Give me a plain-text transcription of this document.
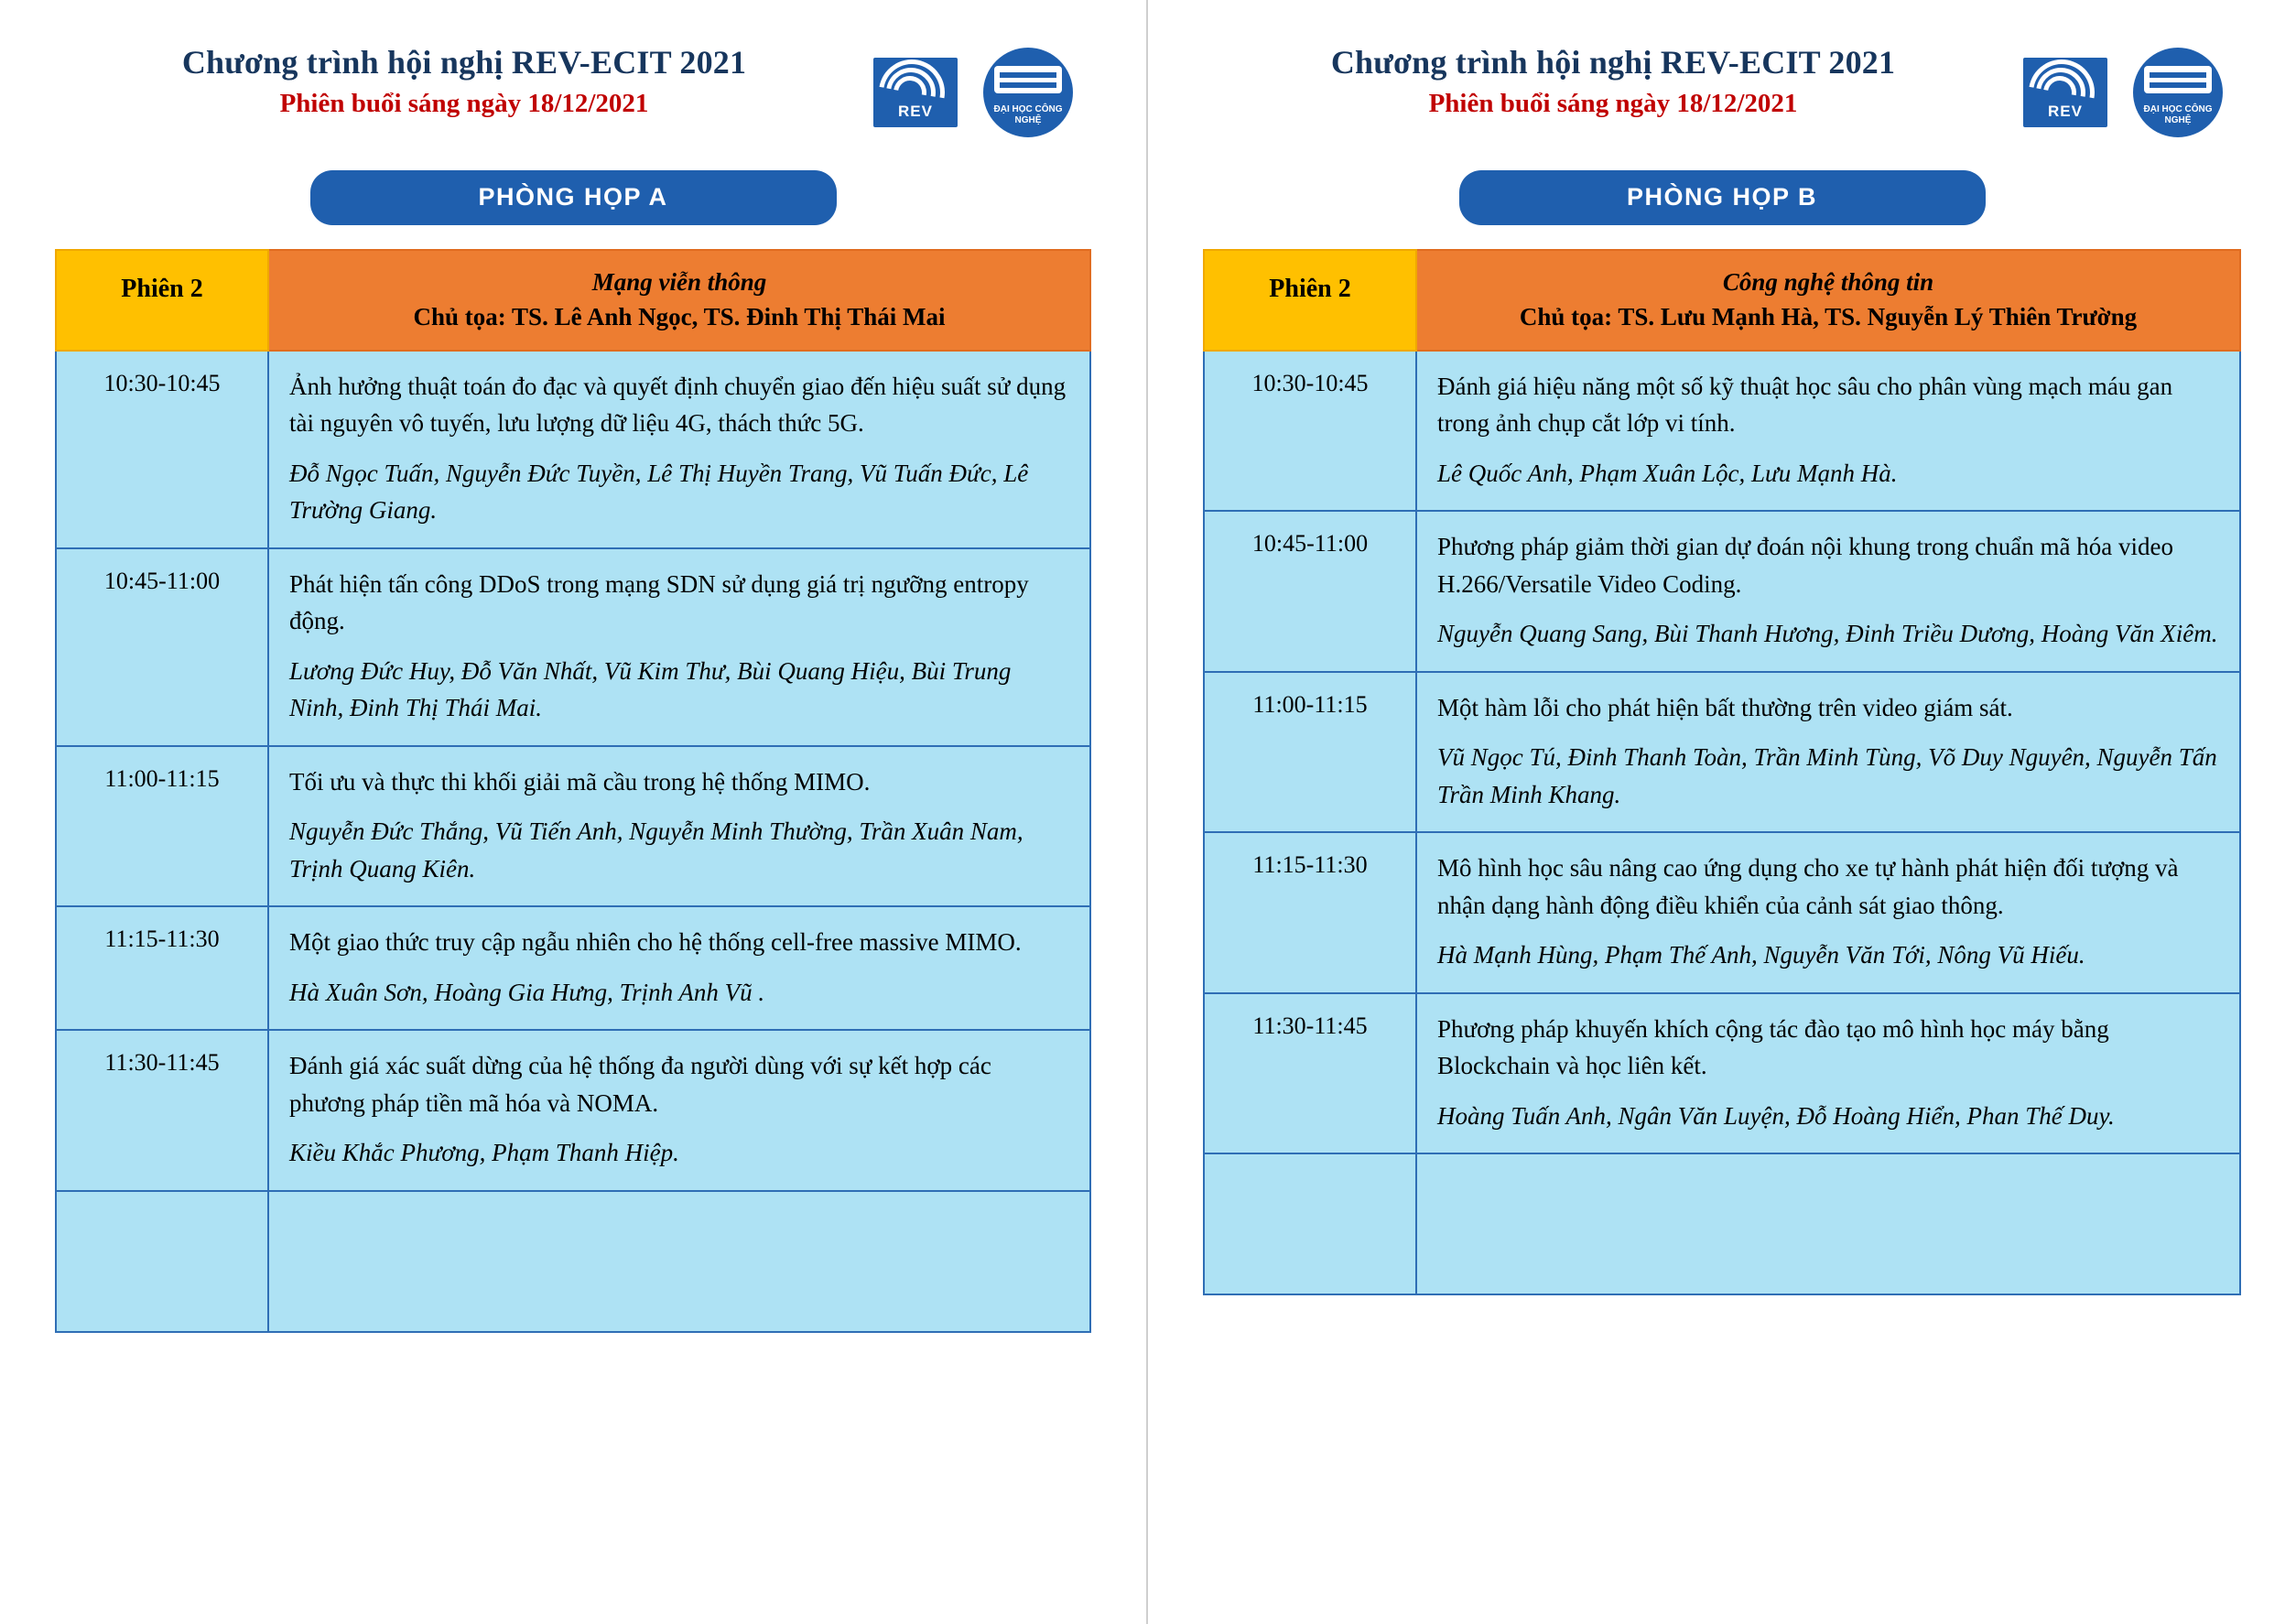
Chương trình hội nghị REV-ECIT 2021
Phiên buổi sáng ngày 18/12/2021	REV	ĐẠI HỌC CÔNG NGHỆ
PHÒNG HỌP A
Phiên 2	Mạng viễn thông
Chủ tọa: TS. Lê Anh Ngọc, TS. Đinh Thị Thái Mai

10:30-10:45	Ảnh hưởng thuật toán đo đạc và quyết định chuyển giao đến hiệu suất sử dụng tài nguyên vô tuyến, lưu lượng dữ liệu 4G, thách thức 5G.
Đỗ Ngọc Tuấn, Nguyễn Đức Tuyền, Lê Thị Huyền Trang, Vũ Tuấn Đức, Lê Trường Giang.

10:45-11:00	Phát hiện tấn công DDoS trong mạng SDN sử dụng giá trị ngưỡng entropy động.
Lương Đức Huy, Đỗ Văn Nhất, Vũ Kim Thư, Bùi Quang Hiệu, Bùi Trung Ninh, Đinh Thị Thái Mai.

11:00-11:15	Tối ưu và thực thi khối giải mã cầu trong hệ thống MIMO.
Nguyễn Đức Thắng, Vũ Tiến Anh, Nguyễn Minh Thường, Trần Xuân Nam, Trịnh Quang Kiên.

11:15-11:30	Một giao thức truy cập ngẫu nhiên cho hệ thống cell-free massive MIMO.
Hà Xuân Sơn, Hoàng Gia Hưng, Trịnh Anh Vũ .

11:30-11:45	Đánh giá xác suất dừng của hệ thống đa người dùng với sự kết hợp các phương pháp tiền mã hóa và NOMA.
Kiều Khắc Phương, Phạm Thanh Hiệp.

Chương trình hội nghị REV-ECIT 2021
Phiên buổi sáng ngày 18/12/2021	REV	ĐẠI HỌC CÔNG NGHỆ
PHÒNG HỌP B
Phiên 2	Công nghệ thông tin
Chủ tọa: TS. Lưu Mạnh Hà, TS. Nguyễn Lý Thiên Trường

10:30-10:45	Đánh giá hiệu năng một số kỹ thuật học sâu cho phân vùng mạch máu gan trong ảnh chụp cắt lớp vi tính.
Lê Quốc Anh, Phạm Xuân Lộc, Lưu Mạnh Hà.

10:45-11:00	Phương pháp giảm thời gian dự đoán nội khung trong chuẩn mã hóa video H.266/Versatile Video Coding.
Nguyễn Quang Sang, Bùi Thanh Hương, Đinh Triều Dương, Hoàng Văn Xiêm.

11:00-11:15	Một hàm lỗi cho phát hiện bất thường trên video giám sát.
Vũ Ngọc Tú, Đinh Thanh Toàn, Trần Minh Tùng, Võ Duy Nguyên, Nguyễn Tấn Trần Minh Khang.

11:15-11:30	Mô hình học sâu nâng cao ứng dụng cho xe tự hành phát hiện đối tượng và nhận dạng hành động điều khiển của cảnh sát giao thông.
Hà Mạnh Hùng, Phạm Thế Anh, Nguyễn Văn Tới, Nông Vũ Hiếu.

11:30-11:45	Phương pháp khuyến khích cộng tác đào tạo mô hình học máy bằng Blockchain và học liên kết.
Hoàng Tuấn Anh, Ngân Văn Luyện, Đỗ Hoàng Hiển, Phan Thế Duy.
